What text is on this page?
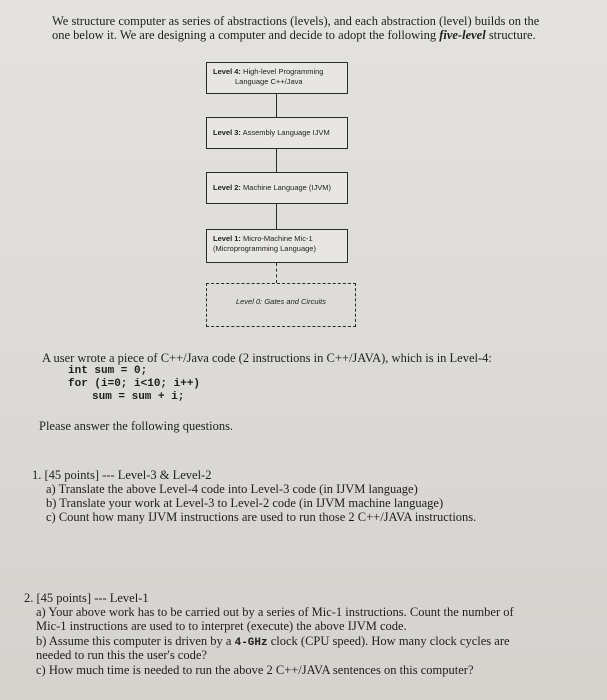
We structure computer as series of abstractions (levels), and each abstraction (level) builds on the
one below it. We are designing a computer and decide to adopt the following five-level structure.
Level 4: High-level Programming
Language C++/Java
Level 3: Assembly Language IJVM
Level 2: Machine Language (IJVM)
Level 1: Micro-Machine Mic-1
(Microprogramming Language)
Level 0: Gates and Circuits
A user wrote a piece of C++/Java code (2 instructions in C++/JAVA), which is in Level-4:
int sum = 0;
for (i=0; i<10; i++)
sum = sum + i;
Please answer the following questions.
1. [45 points] --- Level-3 & Level-2
a) Translate the above Level-4 code into Level-3 code (in IJVM language)
b) Translate your work at Level-3 to Level-2 code (in IJVM machine language)
c) Count how many IJVM instructions are used to run those 2 C++/JAVA instructions.
2. [45 points] --- Level-1
a) Your above work has to be carried out by a series of Mic-1 instructions. Count the number of
Mic-1 instructions are used to to interpret (execute) the above IJVM code.
b) Assume this computer is driven by a 4-GHz clock (CPU speed). How many clock cycles are
needed to run this the user's code?
c) How much time is needed to run the above 2 C++/JAVA sentences on this computer?
